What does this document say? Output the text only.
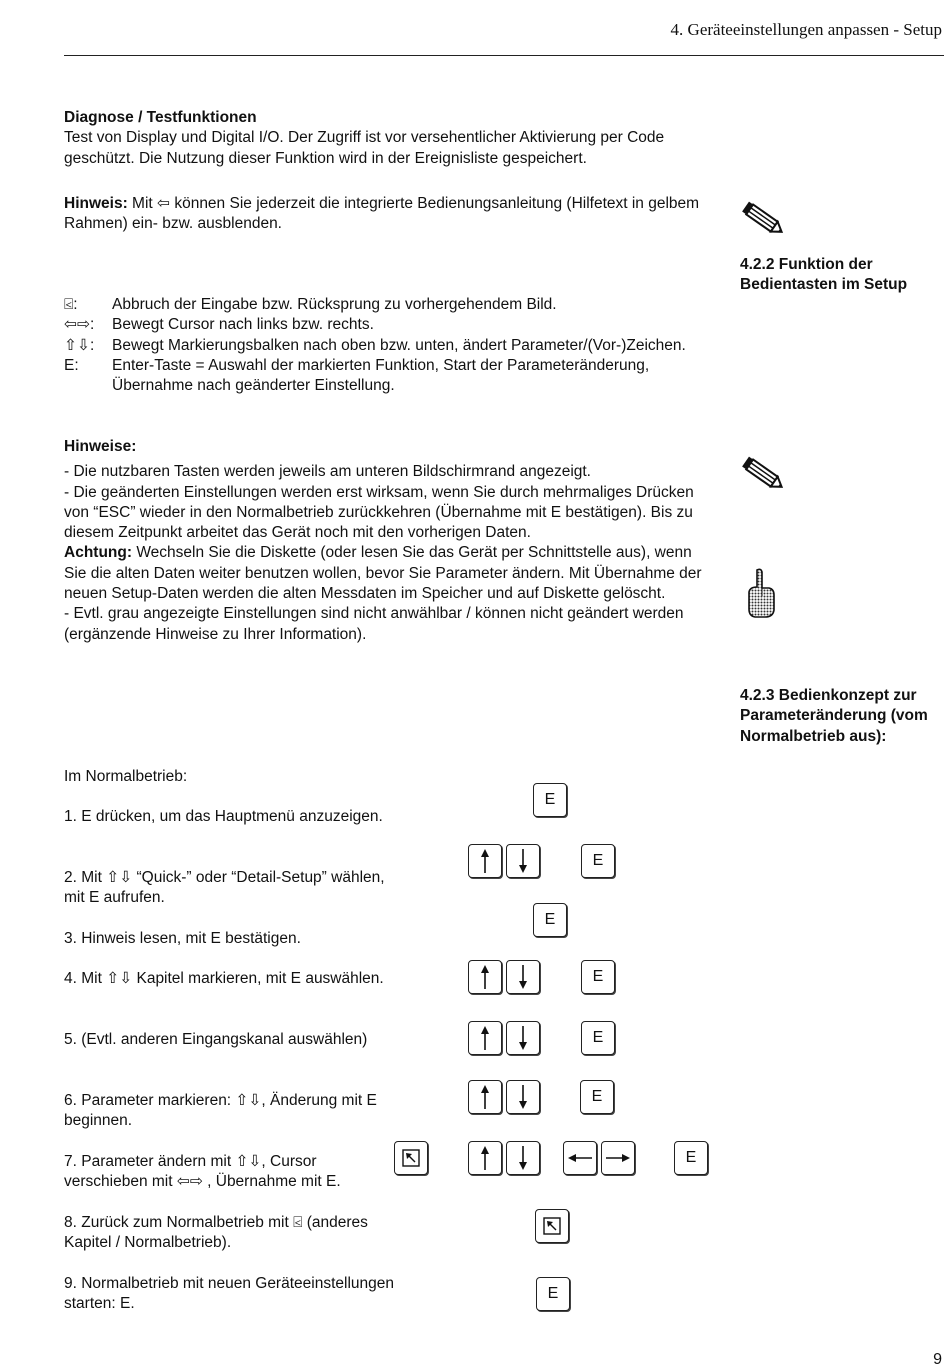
4. Geräteeinstellungen anpassen - Setup

Diagnose / Testfunktionen

Test von Display und Digital I/O. Der Zugriff ist vor versehentlicher Aktivierung per Code geschützt. Die Nutzung dieser Funktion wird in der Ereignisliste gespeichert.

Hinweis: Mit ⇦ können Sie jederzeit die integrierte Bedienungsanleitung (Hilfetext in gelbem Rahmen) ein- bzw. ausblenden.

⍃: Abbruch der Eingabe bzw. Rücksprung zu vorhergehendem Bild.
⇦⇨: Bewegt Cursor nach links bzw. rechts.
⇧⇩: Bewegt Markierungsbalken nach oben bzw. unten, ändert Parameter/(Vor-)Zeichen.
E: Enter-Taste = Auswahl der markierten Funktion, Start der Parameteränderung, Übernahme nach geänderter Einstellung.

Hinweise:

- Die nutzbaren Tasten werden jeweils am unteren Bildschirmrand angezeigt.

- Die geänderten Einstellungen werden erst wirksam, wenn Sie durch mehrmaliges Drücken von “ESC” wieder in den Normalbetrieb zurückkehren (Übernahme mit E bestätigen). Bis zu diesem Zeitpunkt arbeitet das Gerät noch mit den vorherigen Daten.

Achtung: Wechseln Sie die Diskette (oder lesen Sie das Gerät per Schnittstelle aus), wenn Sie die alten Daten weiter benutzen wollen, bevor Sie Parameter ändern. Mit Übernahme der neuen Setup-Daten werden die alten Messdaten im Speicher und auf Diskette gelöscht.

- Evtl. grau angezeigte Einstellungen sind nicht anwählbar / können nicht geändert werden (ergänzende Hinweise zu Ihrer Information).

4.2.2 Funktion der Bedientasten im Setup
4.2.3 Bedienkonzept zur Parameteränderung (vom Normalbetrieb aus):
Im Normalbetrieb:
1. E drücken, um das Hauptmenü anzuzeigen.
2. Mit ⇧⇩ “Quick-” oder “Detail-Setup” wählen, mit E aufrufen.
3. Hinweis lesen, mit E bestätigen.
4. Mit ⇧⇩ Kapitel markieren, mit E auswählen.
5. (Evtl. anderen Eingangskanal auswählen)
6. Parameter markieren: ⇧⇩, Änderung mit E beginnen.
7. Parameter ändern mit ⇧⇩, Cursor verschieben mit ⇦⇨ , Übernahme mit E.
8. Zurück zum Normalbetrieb mit ⍃ (anderes Kapitel / Normalbetrieb).
9. Normalbetrieb mit neuen Geräteeinstellungen starten: E.
E
E
E
E
E
E
E
E
9
